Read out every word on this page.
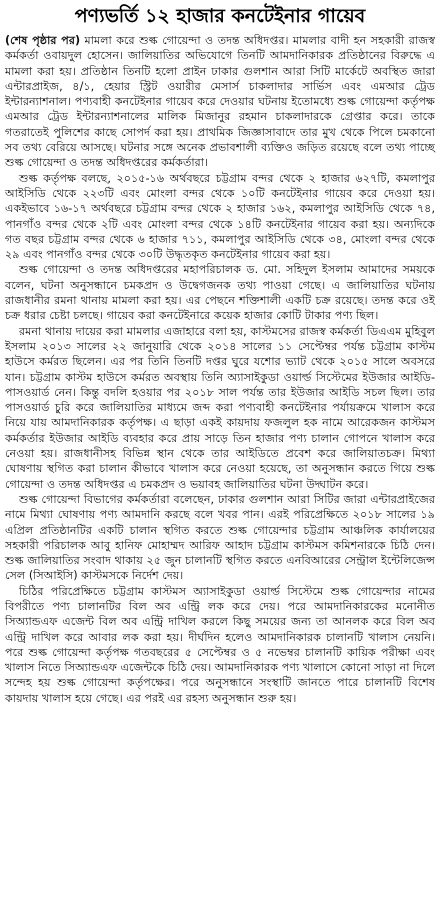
পণ্যভর্তি ১২ হাজার কনটেইনার গায়েব

(শেষ পৃষ্ঠার পর) মামলা করে শুল্ক গোয়েন্দা ও তদন্ত অধিদপ্তর। মামলার বাদী হন সহকারী রাজস্ব কর্মকর্তা ওবায়দুল হোসেন। জালিয়াতির অভিযোগে তিনটি আমদানিকারক প্রতিষ্ঠানের বিরুদ্ধে এ মামলা করা হয়। প্রতিষ্ঠান তিনটি হলো প্রাইন ঢাকার গুলশান আরা সিটি মার্কেটে অবস্থিত জারা এন্টারপ্রাইজ, ৪/১, হেয়ার স্ট্রিট ওয়ারীর মেসার্স চাকলাদার সার্ভিস এবং এমআর ট্রেড ইন্টারন্যাশনাল। পণ্যবাহী কনটেইনার গায়েব করে দেওয়ার ঘটনায় ইতোমধ্যে শুল্ক গোয়েন্দা কর্তৃপক্ষ এমআর ট্রেড ইন্টারন্যাশনালের মালিক মিজানুর রহমান চাকলাদারকে গ্রেপ্তার করে। তাকে গতরাতেই পুলিশের কাছে সোপর্দ করা হয়। প্রাথমিক জিজ্ঞাসাবাদে তার মুখ থেকে পিলে চমকানো সব তথ্য বেরিয়ে আসছে। ঘটনার সঙ্গে অনেক প্রভাবশালী ব্যক্তিও জড়িত রয়েছে বলে তথ্য পাচ্ছে শুল্ক গোয়েন্দা ও তদন্ত অধিদপ্তরের কর্মকর্তারা।

শুল্ক কর্তৃপক্ষ বলছে, ২০১৫-১৬ অর্থবছরে চট্টগ্রাম বন্দর থেকে ২ হাজার ৬২৭টি, কমলাপুর আইসিডি থেকে ২২৩টি এবং মোংলা বন্দর থেকে ১০টি কনটেইনার গায়েব করে দেওয়া হয়। একইভাবে ১৬-১৭ অর্থবছরে চট্টগ্রাম বন্দর থেকে ২ হাজার ১৬২, কমলাপুর আইসিডি থেকে ৭৪, পানগাঁও বন্দর থেকে ২টি এবং মোংলা বন্দর থেকে ১৪টি কনটেইনার গায়েব করা হয়। অন্যদিকে গত বছর চট্টগ্রাম বন্দর থেকে ৬ হাজার ৭১১, কমলাপুর আইসিডি থেকে ৩৪, মোংলা বন্দর থেকে ২৯ এবং পানগাঁও বন্দর থেকে ৩০টি উদ্ধৃতকৃত কনটেইনার গায়েব করা হয়।

শুল্ক গোয়েন্দা ও তদন্ত অধিদপ্তরের মহাপরিচালক ড. মো. সহিদুল ইসলাম আমাদের সময়কে বলেন, ঘটনা অনুসন্ধানে চমকপ্রদ ও উদ্বেগজনক তথ্য পাওয়া গেছে। এ জালিয়াতির ঘটনায় রাজধানীর রমনা থানায় মামলা করা হয়। এর পেছনে শক্তিশালী একটি চক্র রয়েছে। তদন্ত করে ওই চক্র ধরার চেষ্টা চলছে। গায়েব করা কনটেইনারে কয়েক হাজার কোটি টাকার পণ্য ছিল।

রমনা থানায় দায়ের করা মামলার এজাহারে বলা হয়, কাস্টমসের রাজস্ব কর্মকর্তা ডিএএম মুহিবুল ইসলাম ২০১৩ সালের ২২ জানুয়ারি থেকে ২০১৪ সালের ১১ সেপ্টেম্বর পর্যন্ত চট্টগ্রাম কাস্টম হাউসে কর্মরত ছিলেন। এর পর তিনি তিনটি দপ্তর ঘুরে যশোর ভ্যাট থেকে ২০১৫ সালে অবসরে যান। চট্টগ্রাম কাস্টম হাউসে কর্মরত অবস্থায় তিনি অ্যাসাইকুডা ওয়ার্ল্ড সিস্টেমের ইউজার আইডি-পাসওয়ার্ড নেন। কিন্তু বদলি হওয়ার পর ২০১৮ সাল পর্যন্ত তার ইউজার আইডি সচল ছিল। তার পাসওয়ার্ড চুরি করে জালিয়াতির মাধ্যমে জব্দ করা পণ্যবাহী কনটেইনার পর্যায়ক্রমে খালাস করে নিয়ে যায় আমদানিকারক কর্তৃপক্ষ। এ ছাড়া একই কায়দায় ফজলুল হক নামে আরেকজন কাস্টমস কর্মকর্তার ইউজার আইডি ব্যবহার করে প্রায় সাড়ে তিন হাজার পণ্য চালান গোপনে খালাস করে নেওয়া হয়। রাজধানীসহ বিভিন্ন স্থান থেকে তার আইডিতে প্রবেশ করে জালিয়াতচক্র। মিথ্যা ঘোষণায় স্থগিত করা চালান কীভাবে খালাস করে নেওয়া হয়েছে, তা অনুসন্ধান করতে গিয়ে শুল্ক গোয়েন্দা ও তদন্ত অধিদপ্তর এ চমকপ্রদ ও ভয়াবহ জালিয়াতির ঘটনা উদ্ঘাটন করে।

শুল্ক গোয়েন্দা বিভাগের কর্মকর্তারা বলেছেন, ঢাকার গুলশান আরা সিটির জারা এন্টারপ্রাইজের নামে মিথ্যা ঘোষণায় পণ্য আমদানি করছে বলে খবর পান। এরই পরিপ্রেক্ষিতে ২০১৮ সালের ১৯ এপ্রিল প্রতিষ্ঠানটির একটি চালান স্থগিত করতে শুল্ক গোয়েন্দার চট্টগ্রাম আঞ্চলিক কার্যালয়ের সহকারী পরিচালক আবু হানিফ মোহাম্মদ আরিফ আহাদ চট্টগ্রাম কাস্টমস কমিশনারকে চিঠি দেন। শুল্ক জালিয়াতির সংবাদ থাকায় ২৫ জুন চালানটি স্থগিত করতে এনবিআরের সেন্ট্রাল ইন্টেলিজেন্স সেল (সিআইসি) কাস্টমসকে নির্দেশ দেয়।

চিঠির পরিপ্রেক্ষিতে চট্টগ্রাম কাস্টমস অ্যাসাইকুডা ওয়ার্ল্ড সিস্টেমে শুল্ক গোয়েন্দার নামের বিপরীতে পণ্য চালানটির বিল অব এন্ট্রি লক করে দেয়। পরে আমদানিকারকের মনোনীত সিঅ্যান্ডএফ এজেন্ট বিল অব এন্ট্রি দাখিল করলে কিছু সময়ের জন্য তা আনলক করে বিল অব এন্ট্রি দাখিল করে আবার লক করা হয়। দীর্ঘদিন হলেও আমদানিকারক চালানটি খালাস নেয়নি। পরে শুল্ক গোয়েন্দা কর্তৃপক্ষ গতবছরের ৫ সেপ্টেম্বর ও ৫ নভেম্বর চালানটি কায়িক পরীক্ষা এবং খালাস নিতে সিঅ্যান্ডএফ এজেন্টকে চিঠি দেয়। আমদানিকারক পণ্য খালাসে কোনো সাড়া না দিলে সন্দেহ হয় শুল্ক গোয়েন্দা কর্তৃপক্ষের। পরে অনুসন্ধানে সংস্থাটি জানতে পারে চালানটি বিশেষ কায়দায় খালাস হয়ে গেছে। এর পরই এর রহস্য অনুসন্ধান শুরু হয়।
